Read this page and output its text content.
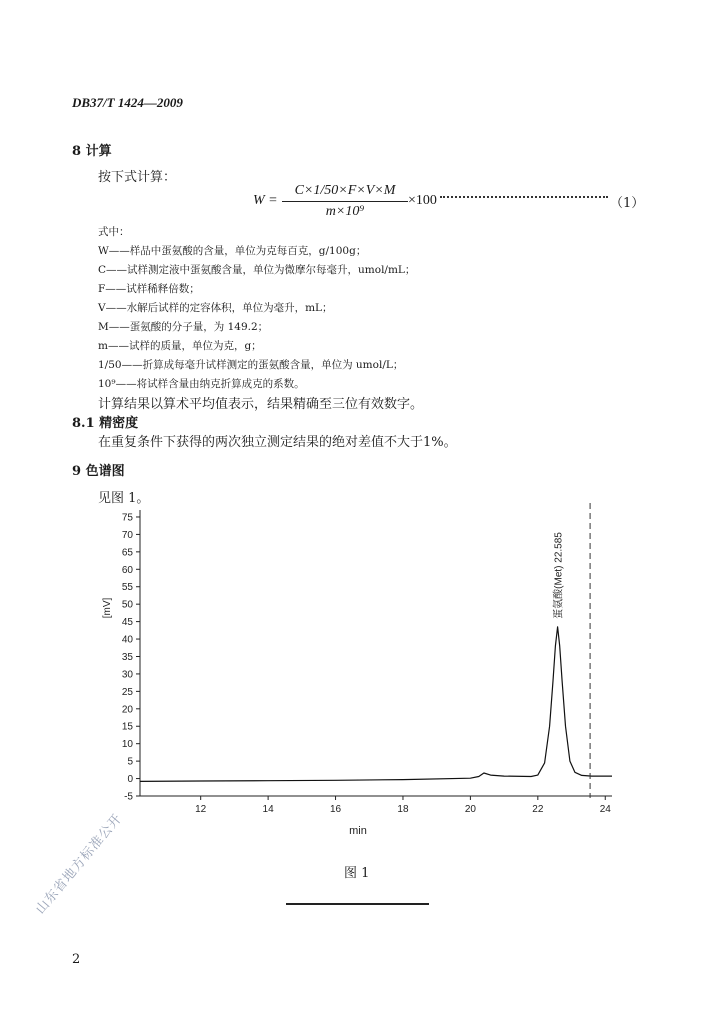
DB37/T 1424—2009
8 计算
按下式计算：
$W = \frac{C\times 1/50\times F\times V\times M}{\text{m×10⁹}} \times 100$	（1）
式中：
W——样品中蛋氨酸的含量，单位为克每百克，g/100g；
C——试样测定液中蛋氨酸含量，单位为微摩尔每毫升，umol/mL；
F——试样稀释倍数；
V——水解后试样的定容体积，单位为毫升，mL；
M——蛋氨酸的分子量，为 149.2；
m——试样的质量，单位为克，g；
1/50——折算成每毫升试样测定的蛋氨酸含量，单位为 umol/L；
10⁹——将试样含量由纳克折算成克的系数。
计算结果以算术平均值表示，结果精确至三位有效数字。
8.1 精密度
在重复条件下获得的两次独立测定结果的绝对差值不大于1%。
9 色谱图
见图 1。
-5
0
5
10
15
20
25
30
35
40
45
50
55
60
65
70
75
12	14	16	18	20	22	24
[mV]
min
蛋氨酸(Met) 22.585
图 1
2
山东省地方标准公开
